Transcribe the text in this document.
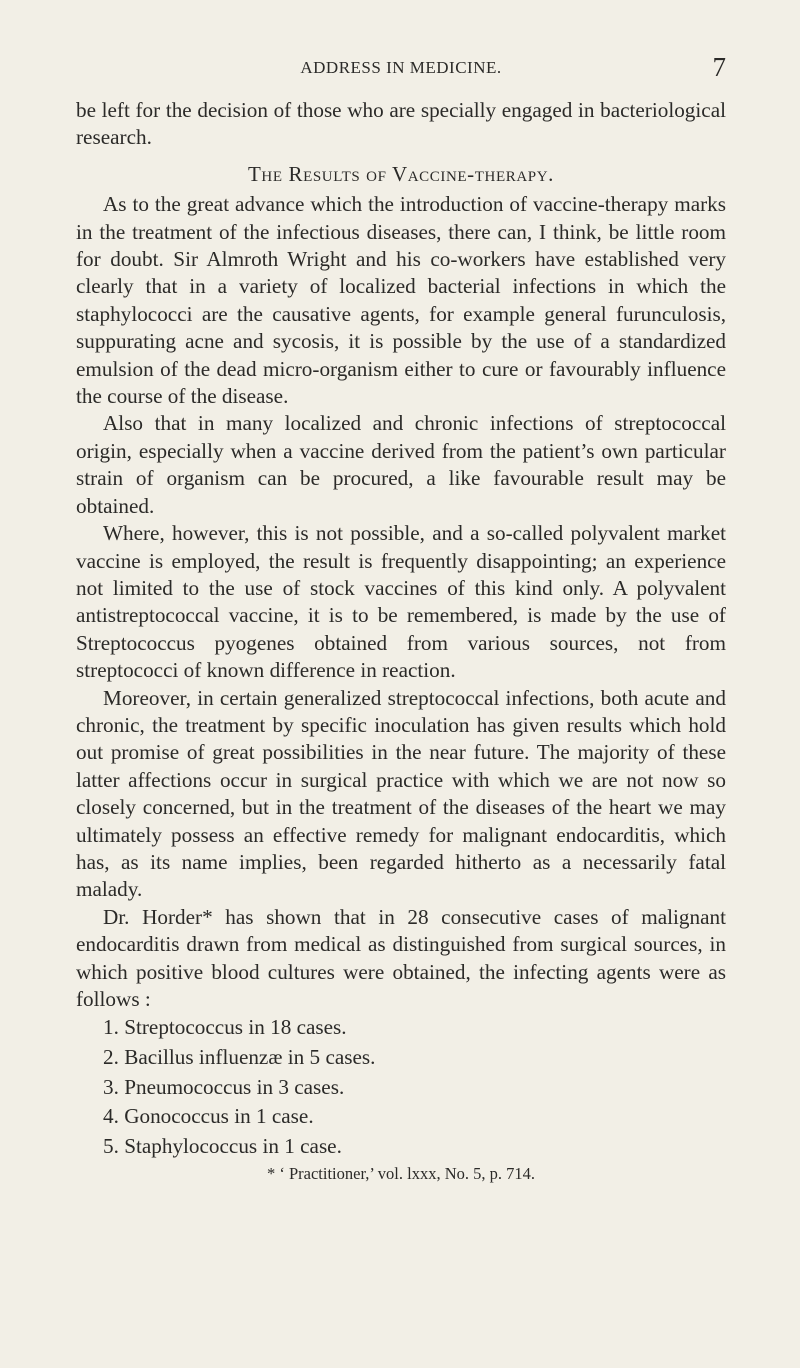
ADDRESS IN MEDICINE.	7

be left for the decision of those who are specially engaged in bacteriological research.

The Results of Vaccine-therapy.

As to the great advance which the introduction of vaccine-therapy marks in the treatment of the infectious diseases, there can, I think, be little room for doubt. Sir Almroth Wright and his co-workers have established very clearly that in a variety of localized bacterial infections in which the staphylococci are the causative agents, for example general furunculosis, suppurating acne and sycosis, it is possible by the use of a standardized emulsion of the dead micro-organism either to cure or favourably influence the course of the disease.

Also that in many localized and chronic infections of streptococcal origin, especially when a vaccine derived from the patient’s own particular strain of organism can be procured, a like favourable result may be obtained.

Where, however, this is not possible, and a so-called polyvalent market vaccine is employed, the result is frequently disappointing; an experience not limited to the use of stock vaccines of this kind only. A polyvalent antistreptococcal vaccine, it is to be remembered, is made by the use of Streptococcus pyogenes obtained from various sources, not from streptococci of known difference in reaction.

Moreover, in certain generalized streptococcal infections, both acute and chronic, the treatment by specific inoculation has given results which hold out promise of great possibilities in the near future. The majority of these latter affections occur in surgical practice with which we are not now so closely concerned, but in the treatment of the diseases of the heart we may ultimately possess an effective remedy for malignant endocarditis, which has, as its name implies, been regarded hitherto as a necessarily fatal malady.

Dr. Horder* has shown that in 28 consecutive cases of malignant endocarditis drawn from medical as distinguished from surgical sources, in which positive blood cultures were obtained, the infecting agents were as follows :

1. Streptococcus in 18 cases.
2. Bacillus influenzæ in 5 cases.
3. Pneumococcus in 3 cases.
4. Gonococcus in 1 case.
5. Staphylococcus in 1 case.
* ‘ Practitioner,’ vol. lxxx, No. 5, p. 714.
